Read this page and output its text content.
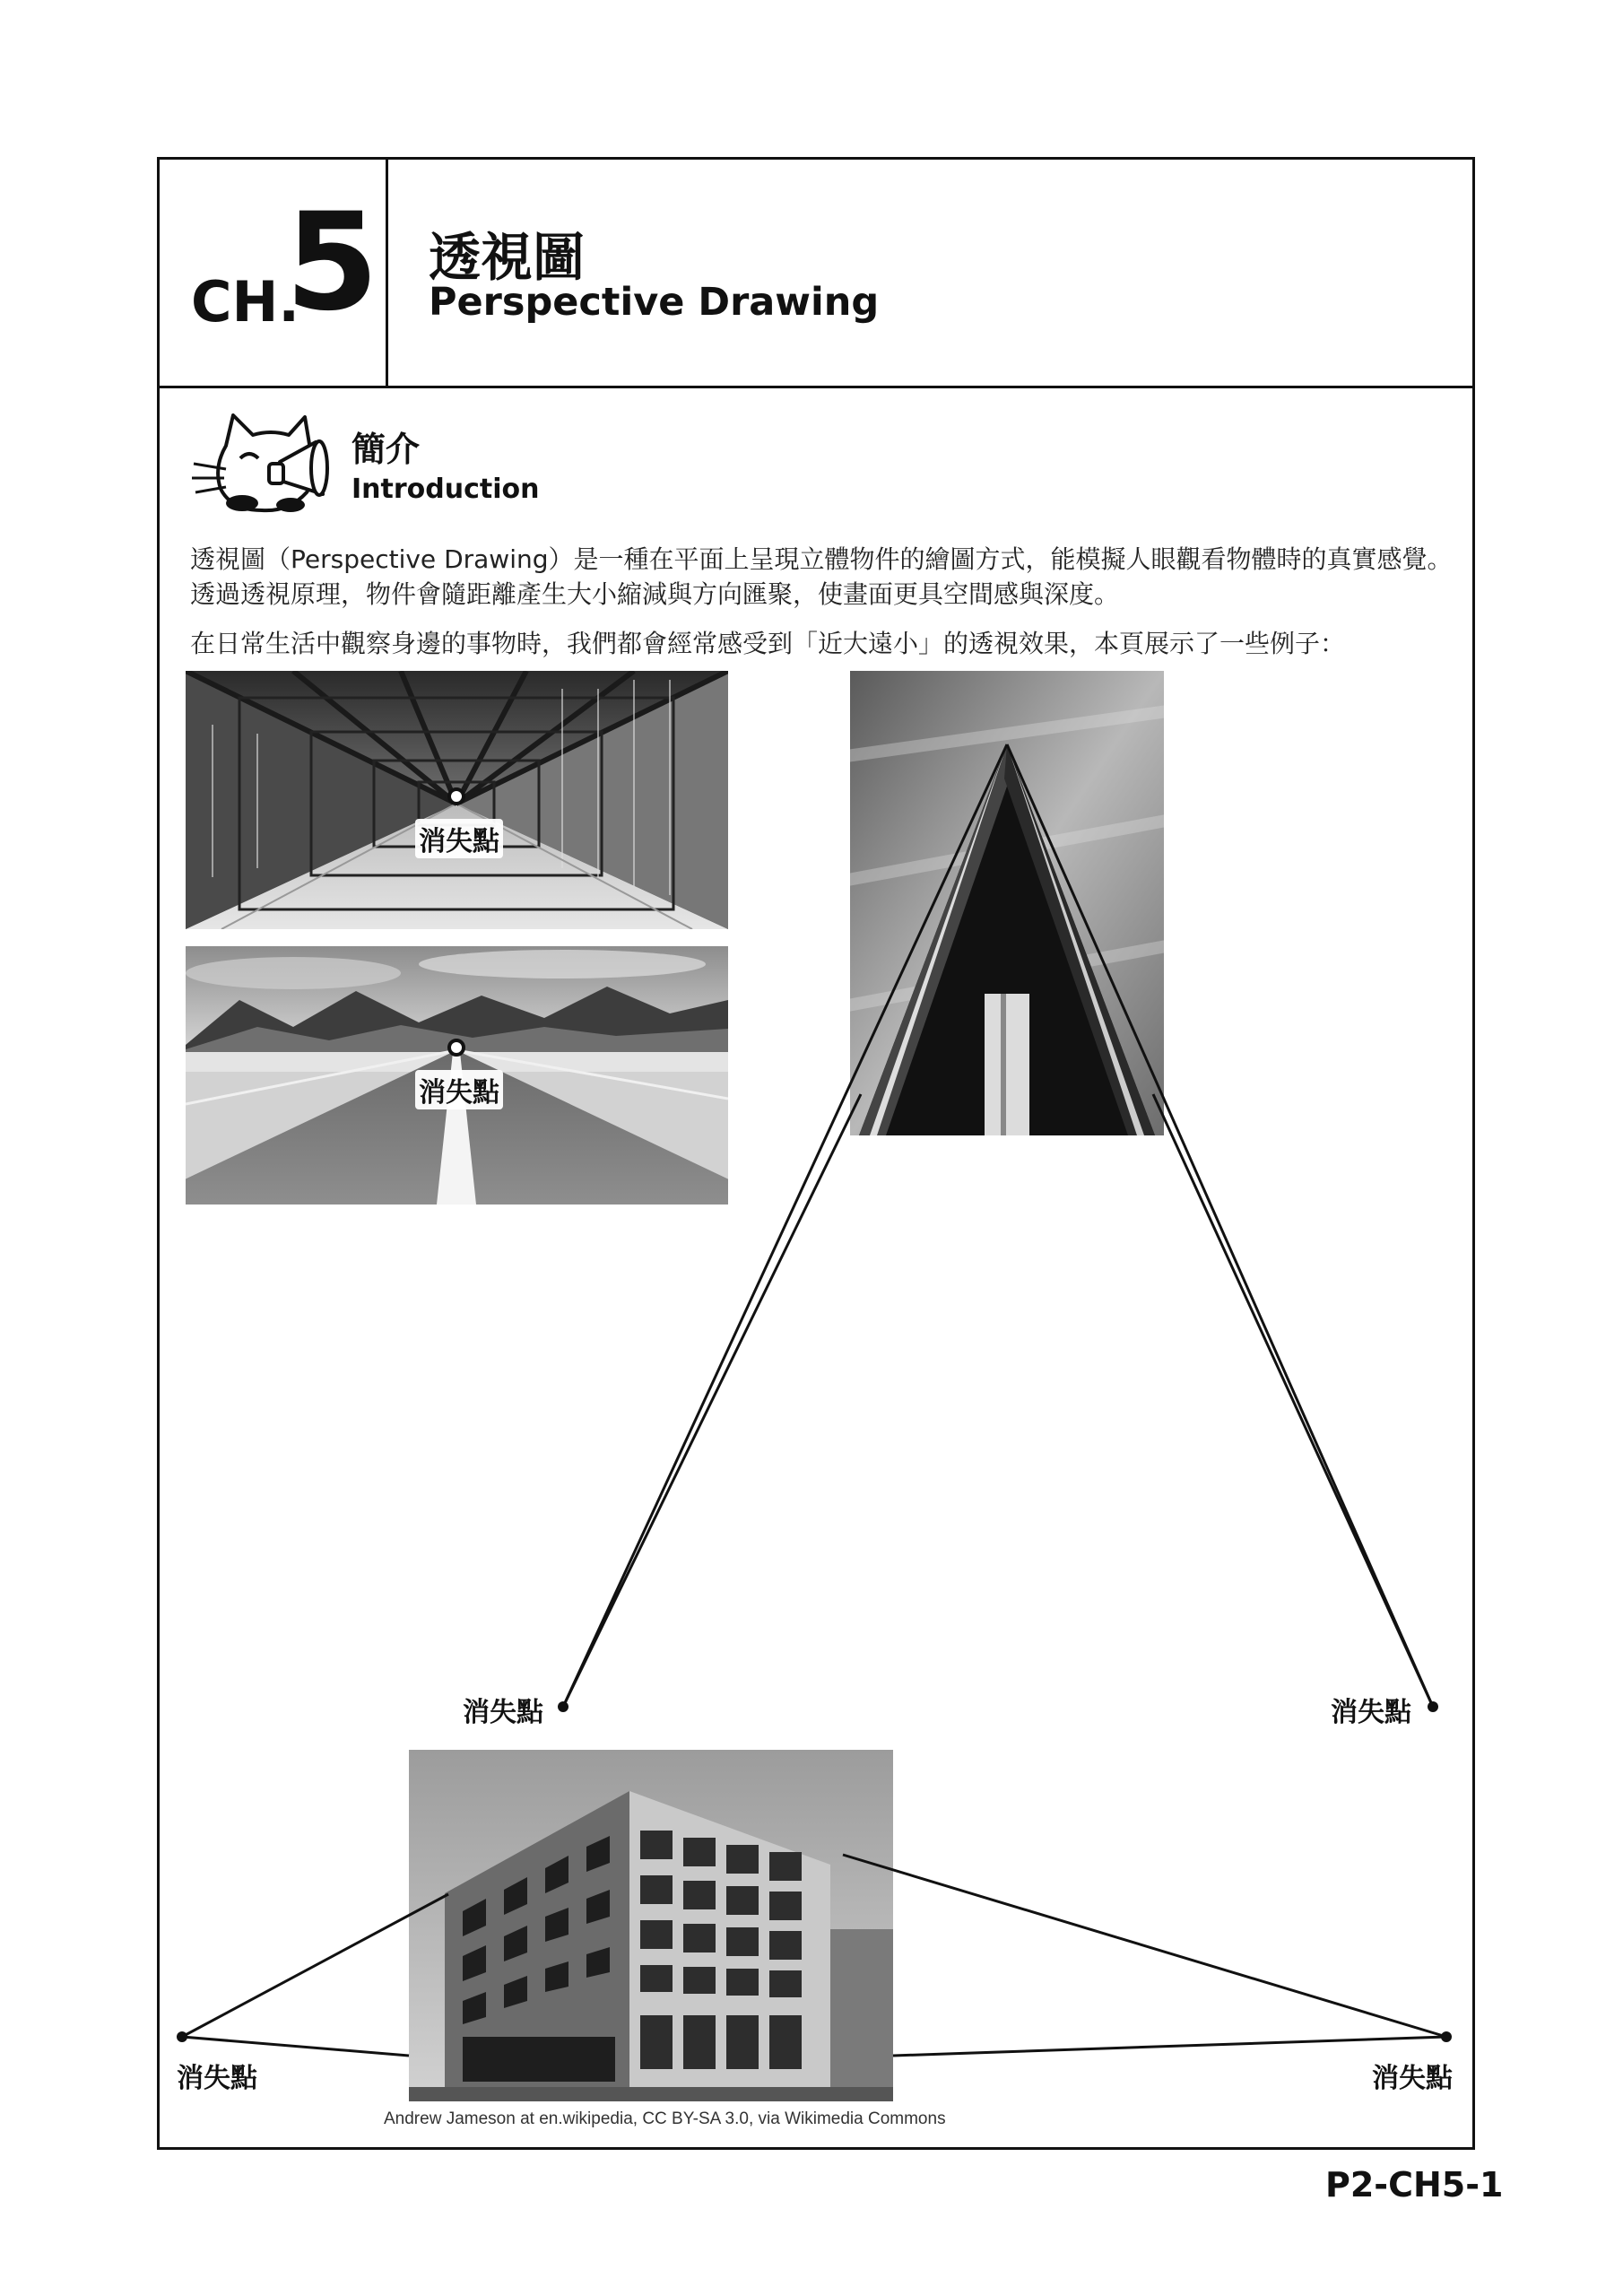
CH.
5 透視圖
Perspective Drawing
簡介
Introduction
透視圖（Perspective Drawing）是一種在平面上呈現立體物件的繪圖方式，能模擬人眼觀看物體時的真實感覺。透過透視原理，物件會隨距離產生大小縮減與方向匯聚，使畫面更具空間感與深度。
在日常生活中觀察身邊的事物時，我們都會經常感受到「近大遠小」的透視效果，本頁展示了一些例子：
消失點
消失點
消失點	消失點
消失點	消失點
Andrew Jameson at en.wikipedia, CC BY-SA 3.0, via Wikimedia Commons
P2-CH5-1
